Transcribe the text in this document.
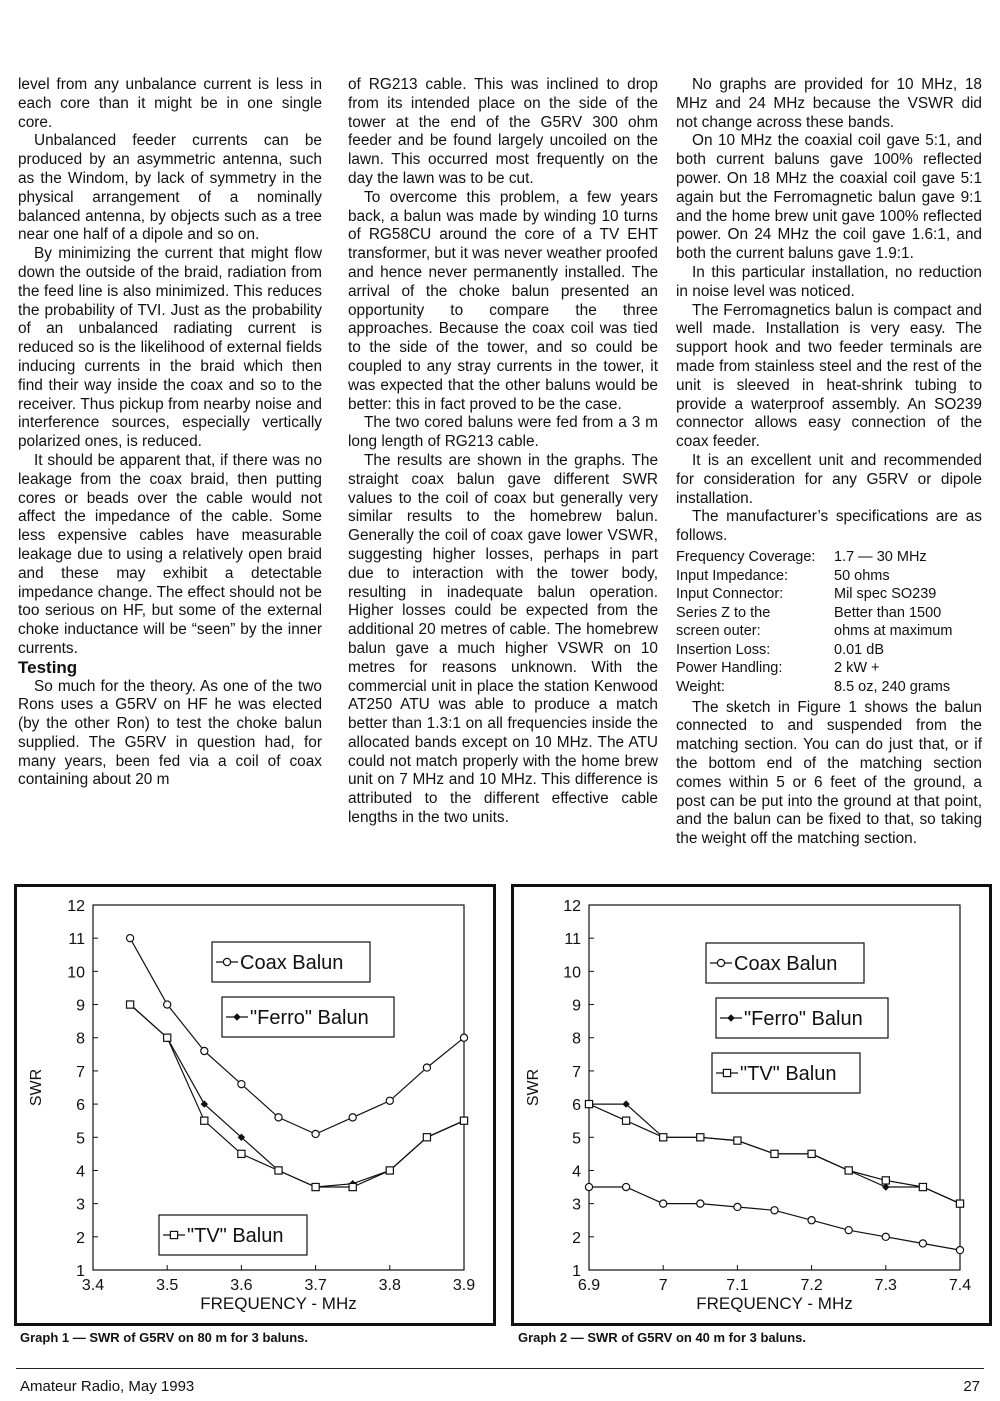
level from any unbalance current is less in each core than it might be in one single core.

Unbalanced feeder currents can be produced by an asymmetric antenna, such as the Windom, by lack of symmetry in the physical arrangement of a nominally balanced antenna, by objects such as a tree near one half of a dipole and so on.

By minimizing the current that might flow down the outside of the braid, radiation from the feed line is also minimized. This reduces the probability of TVI. Just as the probability of an unbalanced radiating current is reduced so is the likelihood of external fields inducing currents in the braid which then find their way inside the coax and so to the receiver. Thus pickup from nearby noise and interference sources, especially vertically polarized ones, is reduced.

It should be apparent that, if there was no leakage from the coax braid, then putting cores or beads over the cable would not affect the impedance of the cable. Some less expensive cables have measurable leakage due to using a relatively open braid and these may exhibit a detectable impedance change. The effect should not be too serious on HF, but some of the external choke inductance will be “seen” by the inner currents.

Testing

So much for the theory. As one of the two Rons uses a G5RV on HF he was elected (by the other Ron) to test the choke balun supplied. The G5RV in question had, for many years, been fed via a coil of coax containing about 20 m

of RG213 cable. This was inclined to drop from its intended place on the side of the tower at the end of the G5RV 300 ohm feeder and be found largely uncoiled on the lawn. This occurred most frequently on the day the lawn was to be cut.

To overcome this problem, a few years back, a balun was made by winding 10 turns of RG58CU around the core of a TV EHT transformer, but it was never weather proofed and hence never permanently installed. The arrival of the choke balun presented an opportunity to compare the three approaches. Because the coax coil was tied to the side of the tower, and so could be coupled to any stray currents in the tower, it was expected that the other baluns would be better: this in fact proved to be the case.

The two cored baluns were fed from a 3 m long length of RG213 cable.

The results are shown in the graphs. The straight coax balun gave different SWR values to the coil of coax but generally very similar results to the homebrew balun. Generally the coil of coax gave lower VSWR, suggesting higher losses, perhaps in part due to interaction with the tower body, resulting in inadequate balun operation. Higher losses could be expected from the additional 20 metres of cable. The homebrew balun gave a much higher VSWR on 10 metres for reasons unknown. With the commercial unit in place the station Kenwood AT250 ATU was able to produce a match better than 1.3:1 on all frequencies inside the allocated bands except on 10 MHz. The ATU could not match properly with the home brew unit on 7 MHz and 10 MHz. This difference is attributed to the different effective cable lengths in the two units.

No graphs are provided for 10 MHz, 18 MHz and 24 MHz because the VSWR did not change across these bands.

On 10 MHz the coaxial coil gave 5:1, and both current baluns gave 100% reflected power. On 18 MHz the coaxial coil gave 5:1 again but the Ferromagnetic balun gave 9:1 and the home brew unit gave 100% reflected power. On 24 MHz the coil gave 1.6:1, and both the current baluns gave 1.9:1.

In this particular installation, no reduction in noise level was noticed.

The Ferromagnetics balun is compact and well made. Installation is very easy. The support hook and two feeder terminals are made from stainless steel and the rest of the unit is sleeved in heat-shrink tubing to provide a waterproof assembly. An SO239 connector allows easy connection of the coax feeder.

It is an excellent unit and recommended for consideration for any G5RV or dipole installation.

The manufacturer’s specifications are as follows.

Frequency Coverage:	1.7 — 30 MHz
Input Impedance:	50 ohms
Input Connector:	Mil spec SO239
Series Z to the	Better than 1500
screen outer:	ohms at maximum
Insertion Loss:	0.01 dB
Power Handling:	2 kW +
Weight:	8.5 oz, 240 grams

The sketch in Figure 1 shows the balun connected to and suspended from the matching section. You can do just that, or if the bottom end of the matching section comes within 5 or 6 feet of the ground, a post can be put into the ground at that point, and the balun can be fixed to that, so taking the weight off the matching section.

1
2
3
4
5
6
7
8
9
10
11
12
3.4	3.5	3.6	3.7	3.8	3.9
FREQUENCY - MHz
SWR
Coax Balun
"Ferro" Balun
"TV" Balun
1
2
3
4
5
6
7
8
9
10
11
12
6.9	7	7.1	7.2	7.3	7.4
FREQUENCY - MHz
SWR
Coax Balun
"Ferro" Balun
"TV" Balun
Graph 1 — SWR of G5RV on 80 m for 3 baluns.	Graph 2 — SWR of G5RV on 40 m for 3 baluns.
Amateur Radio, May 1993	27
